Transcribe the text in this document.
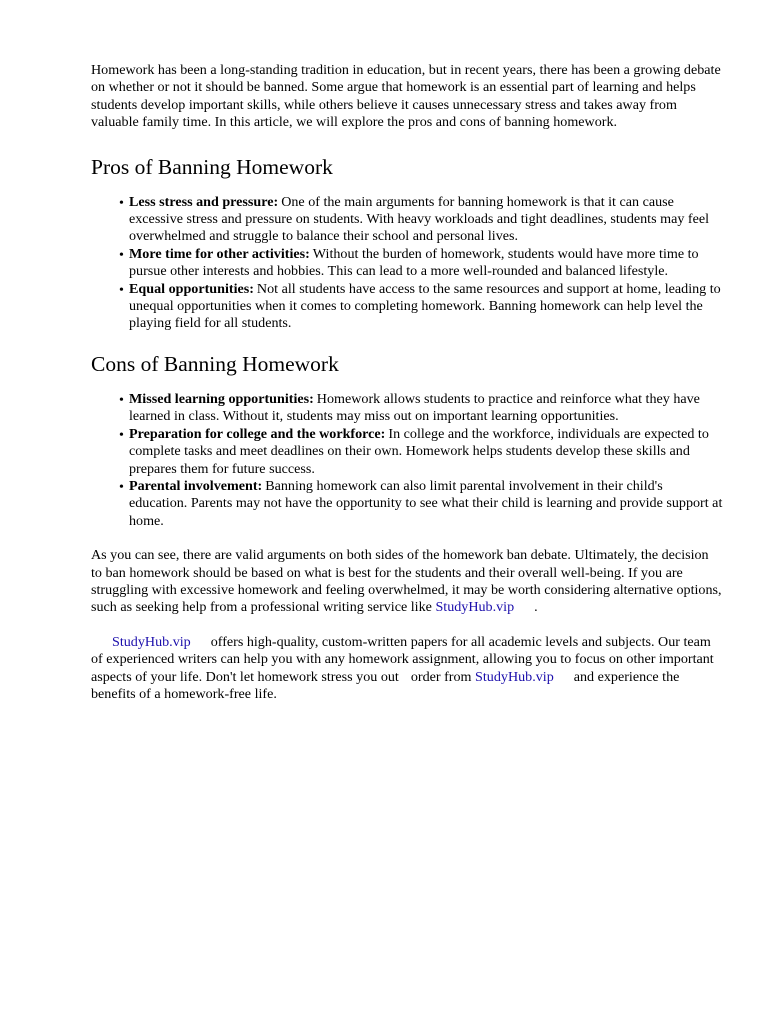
Homework has been a long-standing tradition in education, but in recent years, there has been a growing debate on whether or not it should be banned. Some argue that homework is an essential part of learning and helps students develop important skills, while others believe it causes unnecessary stress and takes away from valuable family time. In this article, we will explore the pros and cons of banning homework.

Pros of Banning Homework
• Less stress and pressure: One of the main arguments for banning homework is that it can cause excessive stress and pressure on students. With heavy workloads and tight deadlines, students may feel overwhelmed and struggle to balance their school and personal lives.
• More time for other activities: Without the burden of homework, students would have more time to pursue other interests and hobbies. This can lead to a more well-rounded and balanced lifestyle.
• Equal opportunities: Not all students have access to the same resources and support at home, leading to unequal opportunities when it comes to completing homework. Banning homework can help level the playing field for all students.
Cons of Banning Homework
• Missed learning opportunities: Homework allows students to practice and reinforce what they have learned in class. Without it, students may miss out on important learning opportunities.
• Preparation for college and the workforce: In college and the workforce, individuals are expected to complete tasks and meet deadlines on their own. Homework helps students develop these skills and prepares them for future success.
• Parental involvement: Banning homework can also limit parental involvement in their child's education. Parents may not have the opportunity to see what their child is learning and provide support at home.

As you can see, there are valid arguments on both sides of the homework ban debate. Ultimately, the decision to ban homework should be based on what is best for the students and their overall well-being. If you are struggling with excessive homework and feeling overwhelmed, it may be worth considering alternative options, such as seeking help from a professional writing service like StudyHub.vip .

StudyHub.vip offers high-quality, custom-written papers for all academic levels and subjects. Our team of experienced writers can help you with any homework assignment, allowing you to focus on other important aspects of your life. Don't let homework stress you out order from StudyHub.vip and experience the benefits of a homework-free life.
